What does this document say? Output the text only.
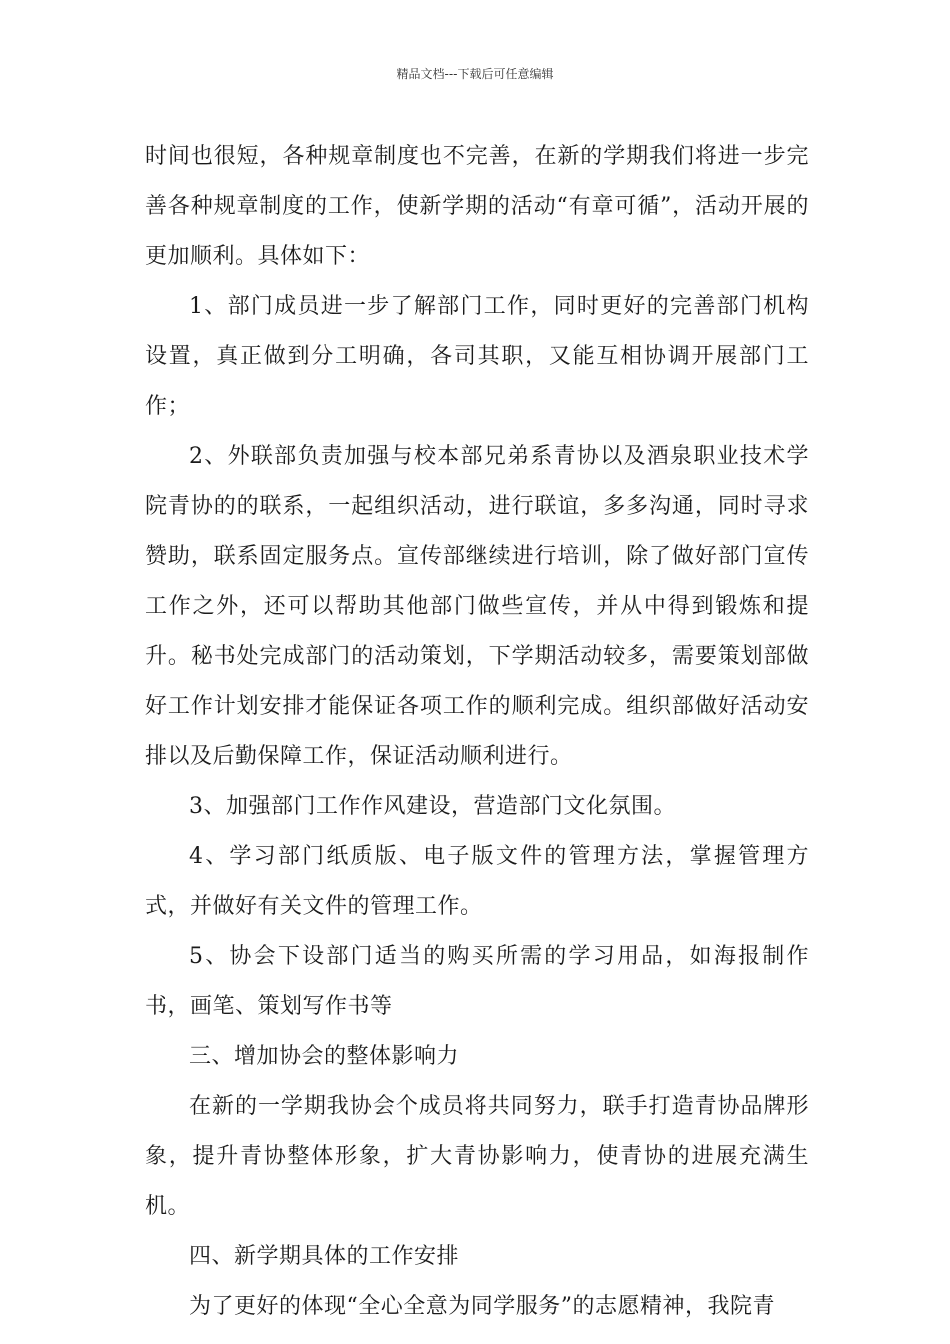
精品文档---下载后可任意编辑

时间也很短，各种规章制度也不完善，在新的学期我们将进一步完善各种规章制度的工作，使新学期的活动“有章可循”，活动开展的更加顺利。具体如下：

1、部门成员进一步了解部门工作，同时更好的完善部门机构设置，真正做到分工明确，各司其职，又能互相协调开展部门工作；

2、外联部负责加强与校本部兄弟系青协以及酒泉职业技术学院青协的的联系，一起组织活动，进行联谊，多多沟通，同时寻求赞助，联系固定服务点。宣传部继续进行培训，除了做好部门宣传工作之外，还可以帮助其他部门做些宣传，并从中得到锻炼和提升。秘书处完成部门的活动策划，下学期活动较多，需要策划部做好工作计划安排才能保证各项工作的顺利完成。组织部做好活动安排以及后勤保障工作，保证活动顺利进行。

3、加强部门工作作风建设，营造部门文化氛围。

4、学习部门纸质版、电子版文件的管理方法，掌握管理方式，并做好有关文件的管理工作。

5、协会下设部门适当的购买所需的学习用品，如海报制作书，画笔、策划写作书等

三、增加协会的整体影响力

在新的一学期我协会个成员将共同努力，联手打造青协品牌形象，提升青协整体形象，扩大青协影响力，使青协的进展充满生机。

四、新学期具体的工作安排

为了更好的体现“全心全意为同学服务”的志愿精神，我院青
